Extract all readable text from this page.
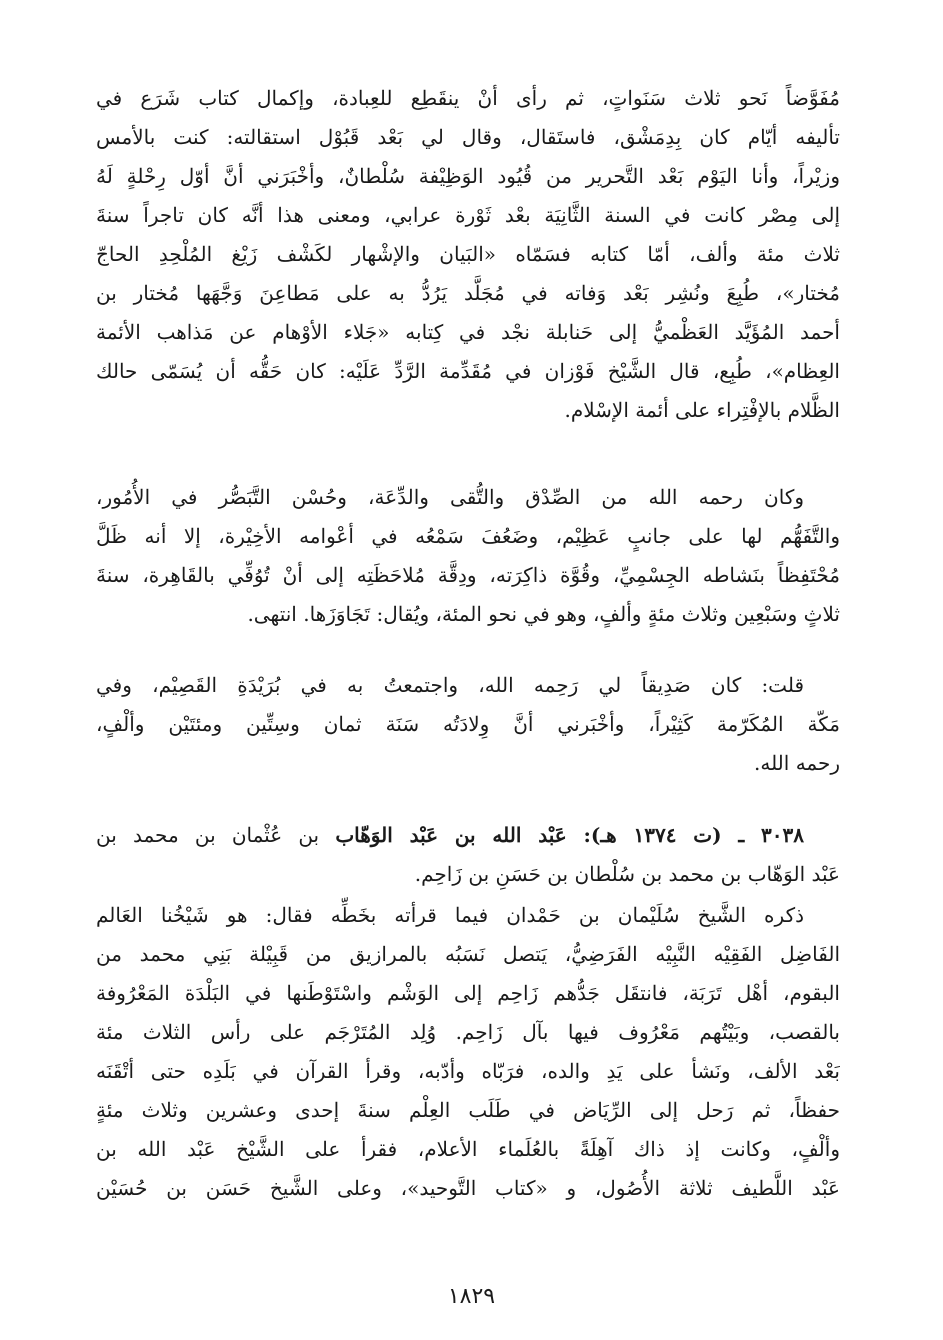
مُفَوَّضاً نَحو ثلاث سَنَواتٍ، ثم رأى أنْ ينقَطِع للعِبادة، وإكمال كتاب شَرَع في
تأليفه أيّام كان بِدِمَشْق، فاستَقال، وقال لي بَعْد قَبُوْل استقالته: كنت بالأمس
وزيْراً، وأنا اليَوْم بَعْد التَّحرير من قُيُود الوَظِيْفة سُلْطانٌ، وأخْبَرَني أنَّ أوّل رِحْلةٍ لَهُ
إلى مِصْر كانت في السنة الثَّانِيَة بعْد ثَوْرة عرابي، ومعنى هذا أنَّه كان تاجراً سنةَ
ثلاث مئة وألف، أمّا كتابه فسَمّاه «البَيان والإشْهار لكَشْف زَيْغ المُلْحِدِ الحاجّ
مُختار»، طُبِعَ ونُشِر بَعْد وَفاته في مُجَلَّد يَرُدُّ به على مَطاعِنَ وَجَّهَها مُختار بن
أحمد المُؤَيَّد العَظْميُّ إلى حَنابلة نجْد في كِتابه «جَلاء الأوْهام عن مَذاهب الأئمة
العِظام»، طُبِع، قال الشَّيْخ فَوْزان في مُقَدِّمة الرَّدِّ عَلَيْه: كان حَقُّه أن يُسَمّى حالك
الظَّلام بالإفْتِراء على أئمة الإسْلام.
وكان رحمه الله من الصِّدْق والتُّقى والدِّعَة، وحُسْن التَّبَصُّر في الأُمُور،
والتَّفَهُّم لها على جانبٍ عَظِيْم، وضَعُفَ سَمْعُه في أعْوامه الأخِيْرة، إلا أنه ظَلَّ
مُحْتَفِظاً بنَشاطه الجِسْمِيِّ، وقُوَّة ذاكِرَته، ودِقَّة مُلاحَظَتِه إلى أنْ تُوُفِّي بالقَاهِرة، سنةَ
ثلاثٍ وسَبْعِين وثلاث مئةٍ وألفٍ، وهو في نحو المئة، ويُقال: تَجَاوَزَها. انتهى.
قلت: كان صَدِيقاً لي رَحِمه الله، واجتمعتُ به في بُرَيْدَةِ القَصِيْم، وفي
مَكّة المُكَرّمة كَثِيْراً، وأخْبَرني أنَّ وِلادَتُه سَنَة ثمان وسِتِّين ومئتَيْن وألْفٍ،
رحمه الله.
٣٠٣٨ ـ (ت ١٣٧٤ هـ): عَبْد الله بن عَبْد الوَهّاب بن عُثْمان بن محمد بن
عَبْد الوَهّاب بن محمد بن سُلْطان بن حَسَنِ بن زَاحِم.
ذكره الشَّيخ سُلَيْمان بن حَمْدان فيما قرأته بخَطِّه فقال: هو شَيْخُنا العَالم
الفَاضِل الفَقِيْه النَّبِيْه الفَرَضِيُّ، يَتصل نَسَبُه بالمرازيق من قَبِيْلة بَنِي محمد من
البقوم، أهْل تَرَبَة، فانتقَل جَدُّهم زَاحِم إلى الوَشْم واسْتَوْطَنها في البَلْدَة المَعْرُوفة
بالقصب، وبَيْتُهم مَعْرُوف فيها بآل زَاحِم. وُلِد المُتَرْجَم على رأس الثلاث مئة
بَعْد الألف، ونَشأ على يَدِ والده، فرَبّاه وأدّبه، وقرأ القرآن في بَلَدِه حتى أتْقَنَه
حفظاً، ثم رَحل إلى الرِّيَاض في طَلَب العِلْم سنةَ إحدى وعشرين وثلاث مئةٍ
وألْفٍ، وكانت إذ ذاك آهِلَةً بالعُلَماء الأعلام، فقرأ على الشَّيْخ عَبْد الله بن
عَبْد اللَّطيف ثلاثة الأُصُول، و «كتاب التَّوحيد»، وعلى الشَّيخ حَسَن بن حُسَيْن
١٨٢٩
